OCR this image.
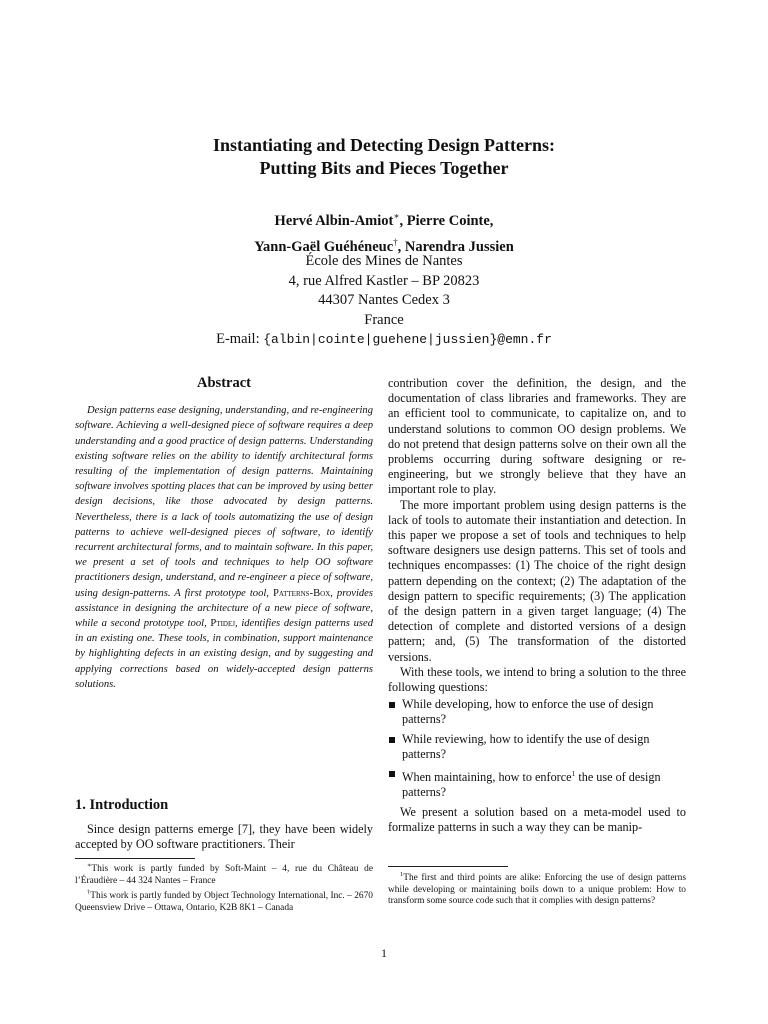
Instantiating and Detecting Design Patterns:
Putting Bits and Pieces Together
Hervé Albin-Amiot∗, Pierre Cointe,
Yann-Gaël Guéhéneuc†, Narendra Jussien
École des Mines de Nantes
4, rue Alfred Kastler – BP 20823
44307 Nantes Cedex 3
France
E-mail: {albin|cointe|guehene|jussien}@emn.fr
Abstract

Design patterns ease designing, understanding, and re-engineering software. Achieving a well-designed piece of software requires a deep understanding and a good practice of design patterns. Understanding existing software relies on the ability to identify architectural forms resulting of the implementation of design patterns. Maintaining software involves spotting places that can be improved by using better design decisions, like those advocated by design patterns. Nevertheless, there is a lack of tools automatizing the use of design patterns to achieve well-designed pieces of software, to identify recurrent architectural forms, and to maintain software. In this paper, we present a set of tools and techniques to help OO software practitioners design, understand, and re-engineer a piece of software, using design-patterns. A first prototype tool, Patterns-Box, provides assistance in designing the architecture of a new piece of software, while a second prototype tool, Ptidej, identifies design patterns used in an existing one. These tools, in combination, support maintenance by highlighting defects in an existing design, and by suggesting and applying corrections based on widely-accepted design patterns solutions.

1. Introduction

Since design patterns emerge [7], they have been widely accepted by OO software practitioners. Their

∗This work is partly funded by Soft-Maint – 4, rue du Château de l’Éraudière – 44 324 Nantes – France

†This work is partly funded by Object Technology International, Inc. – 2670 Queensview Drive – Ottawa, Ontario, K2B 8K1 – Canada

contribution cover the definition, the design, and the documentation of class libraries and frameworks. They are an efficient tool to communicate, to capitalize on, and to understand solutions to common OO design problems. We do not pretend that design patterns solve on their own all the problems occurring during software designing or re-engineering, but we strongly believe that they have an important role to play.

The more important problem using design patterns is the lack of tools to automate their instantiation and detection. In this paper we propose a set of tools and techniques to help software designers use design patterns. This set of tools and techniques encompasses: (1) The choice of the right design pattern depending on the context; (2) The adaptation of the design pattern to specific requirements; (3) The application of the design pattern in a given target language; (4) The detection of complete and distorted versions of a design pattern; and, (5) The transformation of the distorted versions.

With these tools, we intend to bring a solution to the three following questions:

While developing, how to enforce the use of design patterns?
While reviewing, how to identify the use of design patterns?
When maintaining, how to enforce$^1$ the use of design patterns?

We present a solution based on a meta-model used to formalize patterns in such a way they can be manip-

$^1$The first and third points are alike: Enforcing the use of design patterns while developing or maintaining boils down to a unique problem: How to transform some source code such that it complies with design patterns?

1
